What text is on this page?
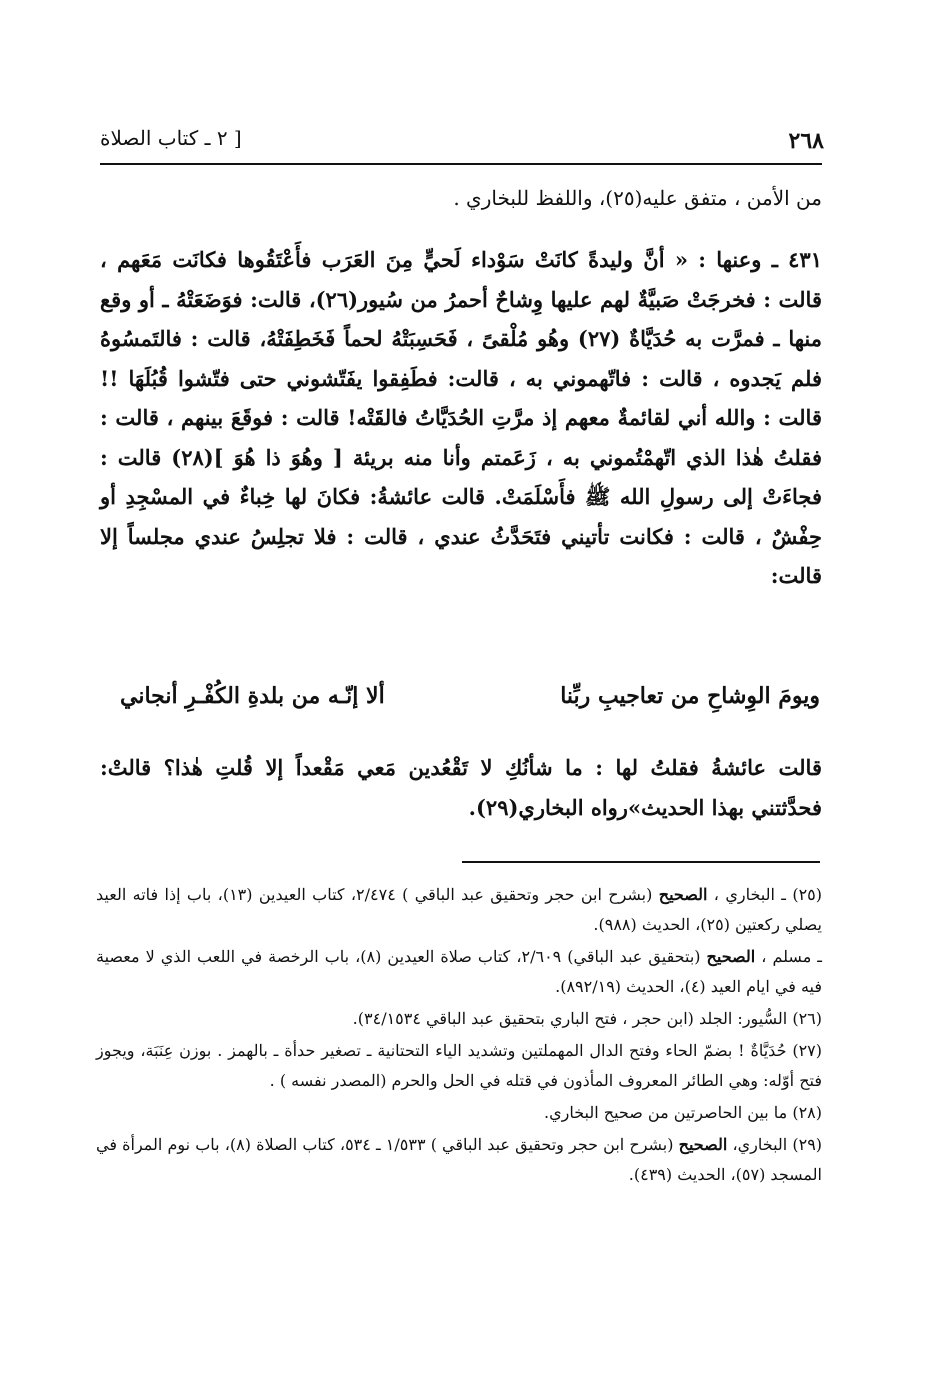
٢٦٨
[ ٢ ـ كتاب الصلاة
من الأمن ، متفق عليه(٢٥)، واللفظ للبخاري .
٤٣١ ـ وعنها : « أنَّ وليدةً كانَتْ سَوْداء لَحيٍّ مِنَ العَرَب فأَعْتَقُوها فكانَت مَعَهم ، قالت : فخرجَتْ صَبيَّةٌ لهم عليها وِشاحٌ أحمرُ من سُيور(٢٦)، قالت: فوَضَعَتْهُ ـ أو وقع منها ـ فمرَّت به حُدَيَّاةٌ (٢٧) وهُو مُلْقىً ، فَحَسِبَتْهُ لحماً فَخَطِفَتْهُ، قالت : فالتَمسُوهُ فلم يَجدوه ، قالت : فاتّهموني به ، قالت: فطَفِقوا يفَتّشوني حتى فتّشوا قُبُلَهَا !! قالت : والله أني لقائمةٌ معهم إذ مرَّتِ الحُدَيَّاتُ فالقَتْه! قالت : فوقَعَ بينهم ، قالت : فقلتُ هٰذا الذي اتّهمْتُموني به ، زَعَمتم وأنا منه بريئة [ وهُوَ ذا هُوَ ](٢٨) قالت : فجاءَتْ إلى رسولِ الله ﷺ فأَسْلَمَتْ. قالت عائشةُ: فكانَ لها خِباءٌ في المسْجِدِ أو حِفْشٌ ، قالت : فكانت تأتيني فتَحَدَّثُ عندي ، قالت : فلا تجلِسُ عندي مجلساً إلا قالت:
ويومَ الوِشاحِ من تعاجيبِ ربِّنا
ألا إنّـه من بلدةِ الكُفْـرِ أنجاني
قالت عائشةُ فقلتُ لها : ما شأنُكِ لا تَقْعُدين مَعي مَقْعداً إلا قُلتِ هٰذا؟ قالتْ: فحدَّثتني بهذا الحديث»رواه البخاري(٢٩).

(٢٥) ـ البخاري ، الصحيح (بشرح ابن حجر وتحقيق عبد الباقي ) ٢/٤٧٤، كتاب العيدين (١٣)، باب إذا فاته العيد يصلي ركعتين (٢٥)، الحديث (٩٨٨).

ـ مسلم ، الصحيح (بتحقيق عبد الباقي) ٢/٦٠٩، كتاب صلاة العيدين (٨)، باب الرخصة في اللعب الذي لا معصية فيه في ايام العيد (٤)، الحديث (٨٩٢/١٩).

(٢٦) السُّيور: الجلد (ابن حجر ، فتح الباري بتحقيق عبد الباقي ٣٤/١٥٣٤).

(٢٧) حُدَيَّاةٌ ! بضمّ الحاء وفتح الدال المهملتين وتشديد الياء التحتانية ـ تصغير حدأة ـ بالهمز . بوزن عِنَبَة، ويجوز فتح أوّله: وهي الطائر المعروف المأذون في قتله في الحل والحرم (المصدر نفسه ) .

(٢٨) ما بين الحاصرتين من صحيح البخاري.

(٢٩) البخاري، الصحيح (بشرح ابن حجر وتحقيق عبد الباقي ) ١/٥٣٣ ـ ٥٣٤، كتاب الصلاة (٨)، باب نوم المرأة في المسجد (٥٧)، الحديث (٤٣٩).
